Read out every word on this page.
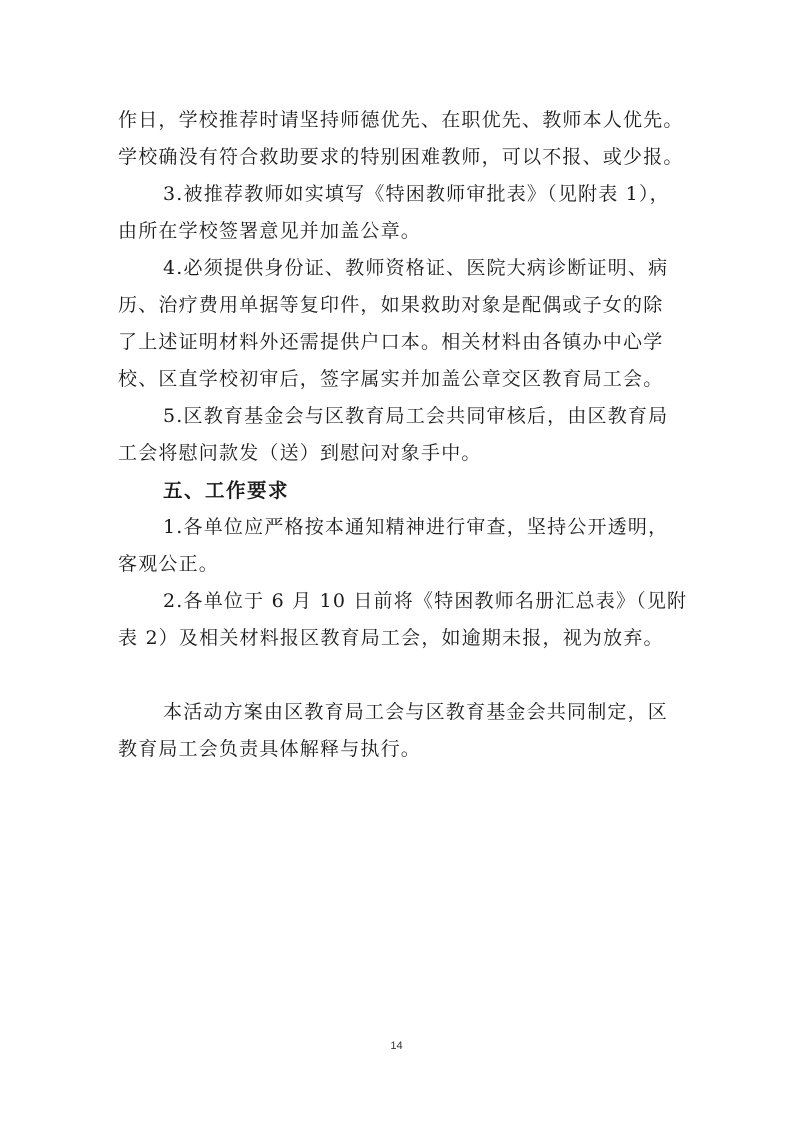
作日，学校推荐时请坚持师德优先、在职优先、教师本人优先。
学校确没有符合救助要求的特别困难教师，可以不报、或少报。
3.被推荐教师如实填写《特困教师审批表》（见附表 1），
由所在学校签署意见并加盖公章。
4.必须提供身份证、教师资格证、医院大病诊断证明、病
历、治疗费用单据等复印件，如果救助对象是配偶或子女的除
了上述证明材料外还需提供户口本。相关材料由各镇办中心学
校、区直学校初审后，签字属实并加盖公章交区教育局工会。
5.区教育基金会与区教育局工会共同审核后，由区教育局
工会将慰问款发（送）到慰问对象手中。
五、工作要求
1.各单位应严格按本通知精神进行审查，坚持公开透明，
客观公正。
2.各单位于 6 月 10 日前将《特困教师名册汇总表》（见附
表 2）及相关材料报区教育局工会，如逾期未报，视为放弃。
本活动方案由区教育局工会与区教育基金会共同制定，区
教育局工会负责具体解释与执行。
14
